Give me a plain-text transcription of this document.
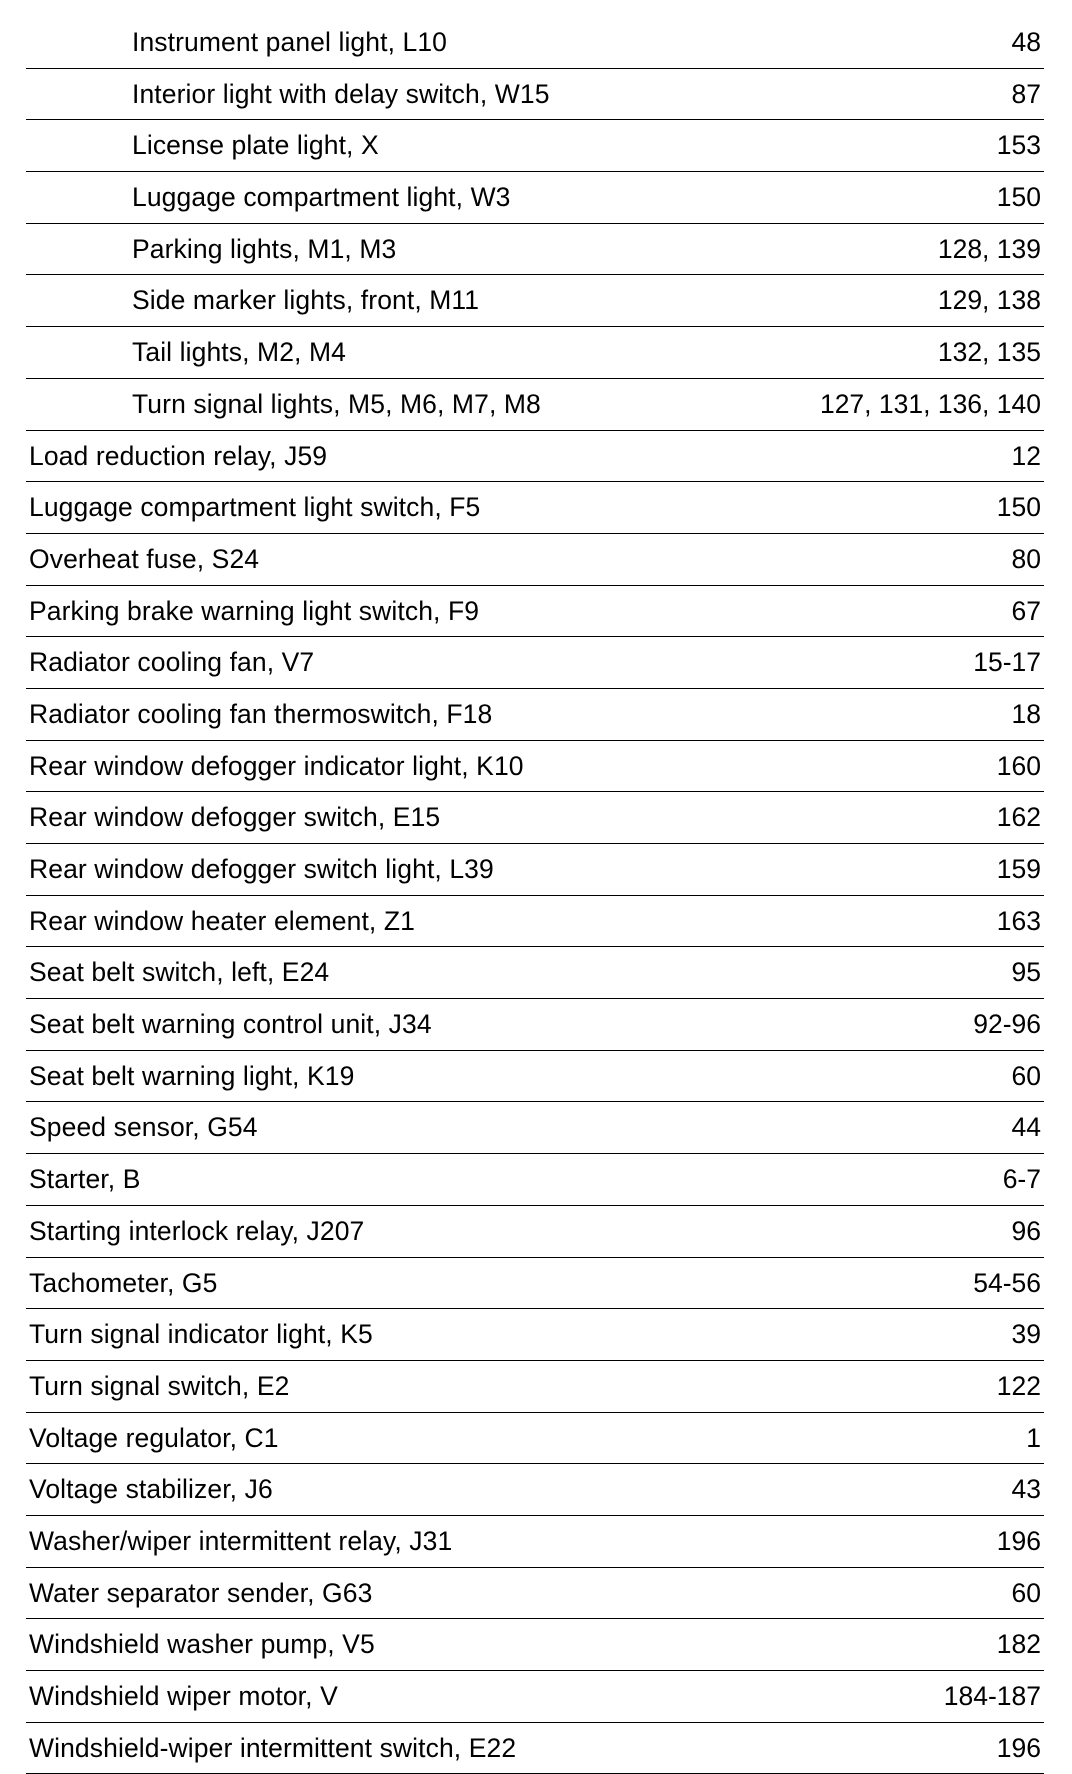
Instrument panel light, L10	48
Interior light with delay switch, W15	87
License plate light, X	153
Luggage compartment light, W3	150
Parking lights, M1, M3	128, 139
Side marker lights, front, M11	129, 138
Tail lights, M2, M4	132, 135
Turn signal lights, M5, M6, M7, M8	127, 131, 136, 140
Load reduction relay, J59	12
Luggage compartment light switch, F5	150
Overheat fuse, S24	80
Parking brake warning light switch, F9	67
Radiator cooling fan, V7	15-17
Radiator cooling fan thermoswitch, F18	18
Rear window defogger indicator light, K10	160
Rear window defogger switch, E15	162
Rear window defogger switch light, L39	159
Rear window heater element, Z1	163
Seat belt switch, left, E24	95
Seat belt warning control unit, J34	92-96
Seat belt warning light, K19	60
Speed sensor, G54	44
Starter, B	6-7
Starting interlock relay, J207	96
Tachometer, G5	54-56
Turn signal indicator light, K5	39
Turn signal switch, E2	122
Voltage regulator, C1	1
Voltage stabilizer, J6	43
Washer/wiper intermittent relay, J31	196
Water separator sender, G63	60
Windshield washer pump, V5	182
Windshield wiper motor, V	184-187
Windshield-wiper intermittent switch, E22	196
